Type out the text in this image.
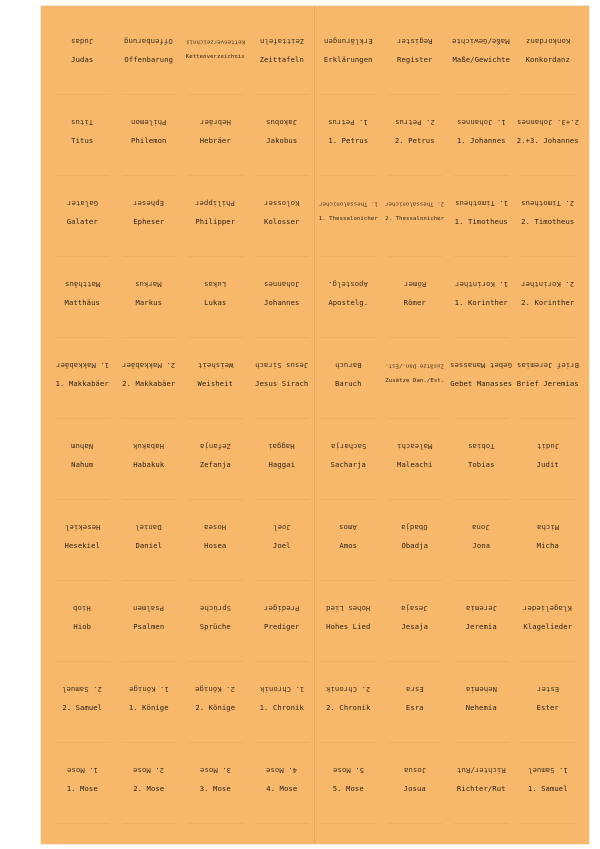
Judas
Judas
Offenbarung
Offenbarung
Kettenverzeichnis
Kettenverzeichnis
Zeittafeln
Zeittafeln
Erklärungen
Erklärungen
Register
Register
Maße/Gewichte
Maße/Gewichte
Konkordanz
Konkordanz
Titus
Titus
Philemon
Philemon
Hebräer
Hebräer
Jakobus
Jakobus
1. Petrus
1. Petrus
2. Petrus
2. Petrus
1. Johannes
1. Johannes
2.+3. Johannes
2.+3. Johannes
Galater
Galater
Epheser
Epheser
Philipper
Philipper
Kolosser
Kolosser
1. Thessalonicher
1. Thessalonicher
2. Thessalonicher
2. Thessalonicher
1. Timotheus
1. Timotheus
2. Timotheus
2. Timotheus
Matthäus
Matthäus
Markus
Markus
Lukas
Lukas
Johannes
Johannes
Apostelg.
Apostelg.
Römer
Römer
1. Korinther
1. Korinther
2. Korinther
2. Korinther
1. Makkabäer
1. Makkabäer
2. Makkabäer
2. Makkabäer
Weisheit
Weisheit
Jesus Sirach
Jesus Sirach
Baruch
Baruch
Zusätze Dan./Est.
Zusätze Dan./Est.
Gebet Manasses
Gebet Manasses
Brief Jeremias
Brief Jeremias
Nahum
Nahum
Habakuk
Habakuk
Zefanja
Zefanja
Haggai
Haggai
Sacharja
Sacharja
Maleachi
Maleachi
Tobias
Tobias
Judit
Judit
Hesekiel
Hesekiel
Daniel
Daniel
Hosea
Hosea
Joel
Joel
Amos
Amos
Obadja
Obadja
Jona
Jona
Micha
Micha
Hiob
Hiob
Psalmen
Psalmen
Sprüche
Sprüche
Prediger
Prediger
Hohes Lied
Hohes Lied
Jesaja
Jesaja
Jeremia
Jeremia
Klagelieder
Klagelieder
2. Samuel
2. Samuel
1. Könige
1. Könige
2. Könige
2. Könige
1. Chronik
1. Chronik
2. Chronik
2. Chronik
Esra
Esra
Nehemia
Nehemia
Ester
Ester
1. Mose
1. Mose
2. Mose
2. Mose
3. Mose
3. Mose
4. Mose
4. Mose
5. Mose
5. Mose
Josua
Josua
Richter/Rut
Richter/Rut
1. Samuel
1. Samuel
